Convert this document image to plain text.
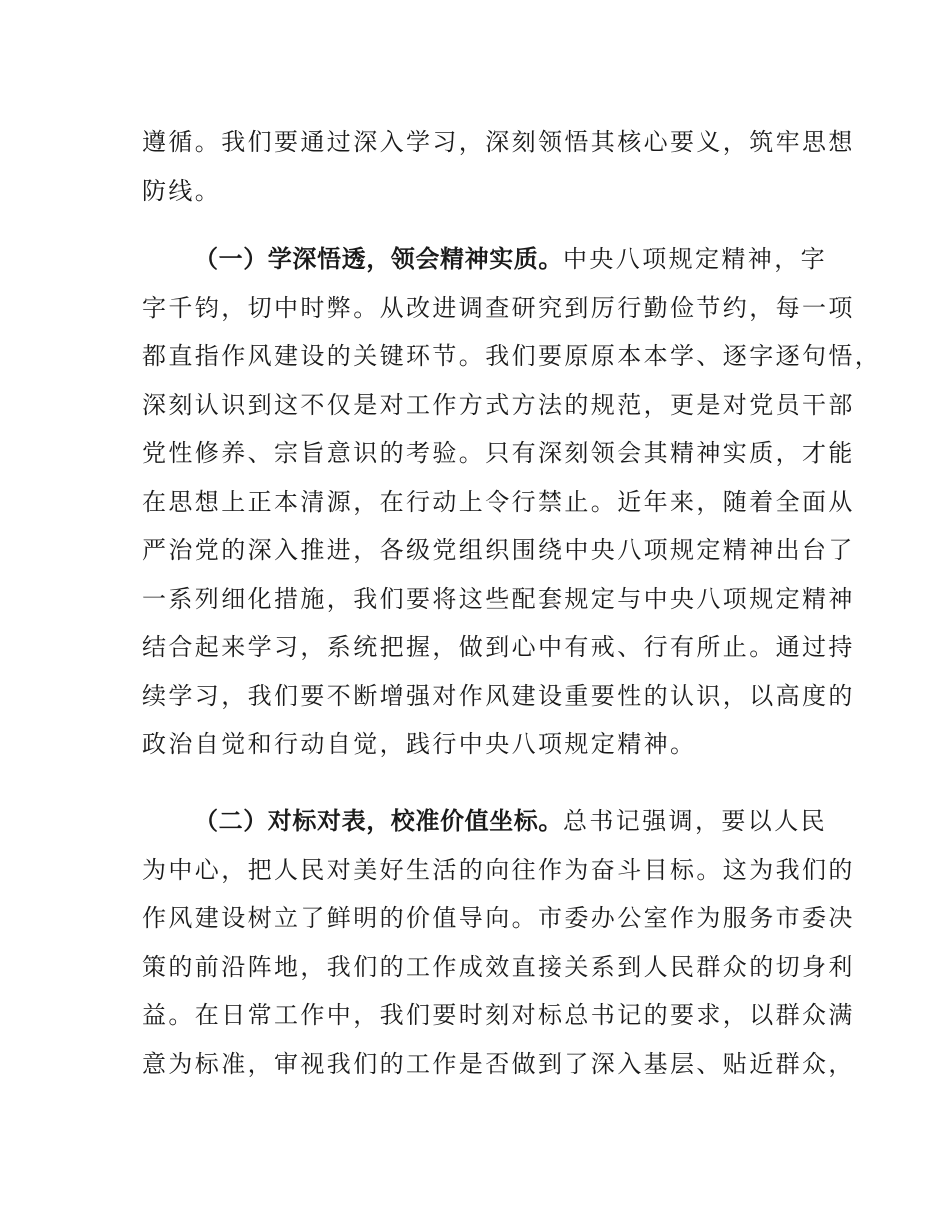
遵循。我们要通过深入学习，深刻领悟其核心要义，筑牢思想
防线。
（一）学深悟透，领会精神实质。中央八项规定精神，字
字千钧，切中时弊。从改进调查研究到厉行勤俭节约，每一项
都直指作风建设的关键环节。我们要原原本本学、逐字逐句悟，
深刻认识到这不仅是对工作方式方法的规范，更是对党员干部
党性修养、宗旨意识的考验。只有深刻领会其精神实质，才能
在思想上正本清源，在行动上令行禁止。近年来，随着全面从
严治党的深入推进，各级党组织围绕中央八项规定精神出台了
一系列细化措施，我们要将这些配套规定与中央八项规定精神
结合起来学习，系统把握，做到心中有戒、行有所止。通过持
续学习，我们要不断增强对作风建设重要性的认识，以高度的
政治自觉和行动自觉，践行中央八项规定精神。
（二）对标对表，校准价值坐标。总书记强调，要以人民
为中心，把人民对美好生活的向往作为奋斗目标。这为我们的
作风建设树立了鲜明的价值导向。市委办公室作为服务市委决
策的前沿阵地，我们的工作成效直接关系到人民群众的切身利
益。在日常工作中，我们要时刻对标总书记的要求，以群众满
意为标准，审视我们的工作是否做到了深入基层、贴近群众，
